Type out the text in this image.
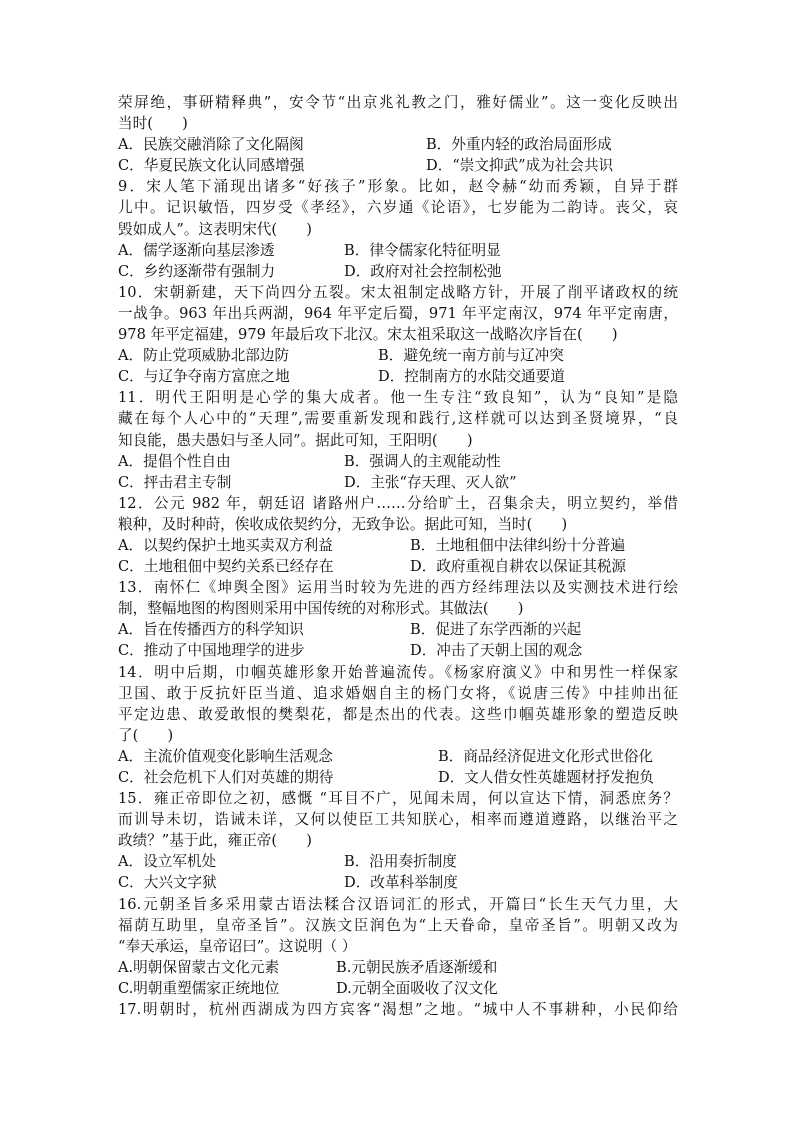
荣屏绝，事研精释典”，安令节“出京兆礼教之门，雅好儒业”。这一变化反映出
当时(　　)
A．民族交融消除了文化隔阂	B．外重内轻的政治局面形成
C．华夏民族文化认同感增强	D．“崇文抑武”成为社会共识
9．宋人笔下涌现出诸多“好孩子”形象。比如，赵令赫“幼而秀颖，自异于群
儿中。记识敏悟，四岁受《孝经》，六岁通《论语》，七岁能为二韵诗。丧父，哀
毁如成人”。这表明宋代(　　)
A．儒学逐渐向基层渗透	B．律令儒家化特征明显
C．乡约逐渐带有强制力	D．政府对社会控制松弛
10．宋朝新建，天下尚四分五裂。宋太祖制定战略方针，开展了削平诸政权的统
一战争。963 年出兵两湖，964 年平定后蜀，971 年平定南汉，974 年平定南唐，
978 年平定福建，979 年最后攻下北汉。宋太祖采取这一战略次序旨在(　　)
A．防止党项威胁北部边防	B．避免统一南方前与辽冲突
C．与辽争夺南方富庶之地	D．控制南方的水陆交通要道
11．明代王阳明是心学的集大成者。他一生专注“致良知”，认为“良知”是隐
藏在每个人心中的“天理”,需要重新发现和践行,这样就可以达到圣贤境界，“良
知良能，愚夫愚妇与圣人同”。据此可知，王阳明(　　)
A．提倡个性自由	B．强调人的主观能动性
C．抨击君主专制	D．主张“存天理、灭人欲”
12．公元 982 年，朝廷诏 诸路州户……分给旷土，召集余夫，明立契约，举借
粮种，及时种莳，俟收成依契约分，无致争讼。据此可知，当时(　　)
A．以契约保护土地买卖双方利益	B．土地租佃中法律纠纷十分普遍
C．土地租佃中契约关系已经存在	D．政府重视自耕农以保证其税源
13．南怀仁《坤舆全图》运用当时较为先进的西方经纬理法以及实测技术进行绘
制，整幅地图的构图则采用中国传统的对称形式。其做法(　　)
A．旨在传播西方的科学知识	B．促进了东学西渐的兴起
C．推动了中国地理学的进步	D．冲击了天朝上国的观念
14．明中后期，巾帼英雄形象开始普遍流传。《杨家府演义》中和男性一样保家
卫国、敢于反抗奸臣当道、追求婚姻自主的杨门女将，《说唐三传》中挂帅出征
平定边患、敢爱敢恨的樊梨花，都是杰出的代表。这些巾帼英雄形象的塑造反映
了(　　)
A．主流价值观变化影响生活观念	B．商品经济促进文化形式世俗化
C．社会危机下人们对英雄的期待	D．文人借女性英雄题材抒发抱负
15．雍正帝即位之初，感慨 “耳目不广，见闻未周，何以宣达下情，洞悉庶务？
而训导未切，诰诫未详，又何以使臣工共知朕心，相率而遵道遵路，以继治平之
政绩？”基于此，雍正帝(　　)
A．设立军机处	B．沿用奏折制度
C．大兴文字狱	D．改革科举制度
16.元朝圣旨多采用蒙古语法糅合汉语词汇的形式，开篇曰“长生天气力里，大
福荫互助里，皇帝圣旨”。汉族文臣润色为“上天眷命，皇帝圣旨”。明朝又改为
“奉天承运，皇帝诏曰”。这说明（ ）
A.明朝保留蒙古文化元素	B.元朝民族矛盾逐渐缓和
C.明朝重塑儒家正统地位	D.元朝全面吸收了汉文化
17.明朝时，杭州西湖成为四方宾客“渴想”之地。“城中人不事耕种，小民仰给
